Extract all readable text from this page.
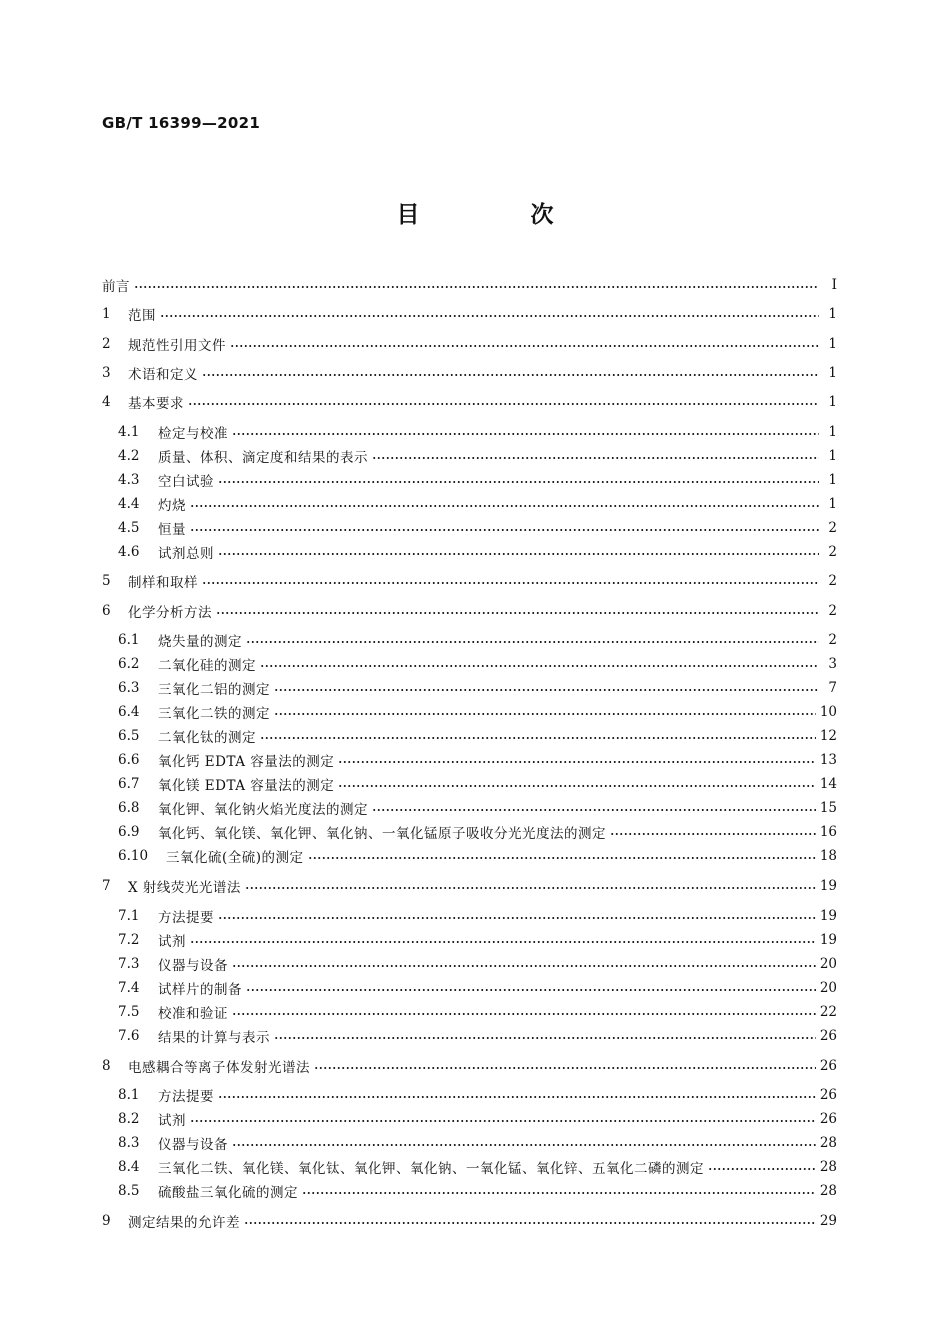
GB/T 16399—2021
目　次
前言	Ⅰ
1	范围	1
2	规范性引用文件	1
3	术语和定义	1
4	基本要求	1
4.1	检定与校准	1
4.2	质量、体积、滴定度和结果的表示	1
4.3	空白试验	1
4.4	灼烧	1
4.5	恒量	2
4.6	试剂总则	2
5	制样和取样	2
6	化学分析方法	2
6.1	烧失量的测定	2
6.2	二氧化硅的测定	3
6.3	三氧化二铝的测定	7
6.4	三氧化二铁的测定	10
6.5	二氧化钛的测定	12
6.6	氧化钙 EDTA 容量法的测定	13
6.7	氧化镁 EDTA 容量法的测定	14
6.8	氧化钾、氧化钠火焰光度法的测定	15
6.9	氧化钙、氧化镁、氧化钾、氧化钠、一氧化锰原子吸收分光光度法的测定	16
6.10	三氧化硫(全硫)的测定	18
7	X 射线荧光光谱法	19
7.1	方法提要	19
7.2	试剂	19
7.3	仪器与设备	20
7.4	试样片的制备	20
7.5	校准和验证	22
7.6	结果的计算与表示	26
8	电感耦合等离子体发射光谱法	26
8.1	方法提要	26
8.2	试剂	26
8.3	仪器与设备	28
8.4	三氧化二铁、氧化镁、氧化钛、氧化钾、氧化钠、一氧化锰、氧化锌、五氧化二磷的测定	28
8.5	硫酸盐三氧化硫的测定	28
9	测定结果的允许差	29
